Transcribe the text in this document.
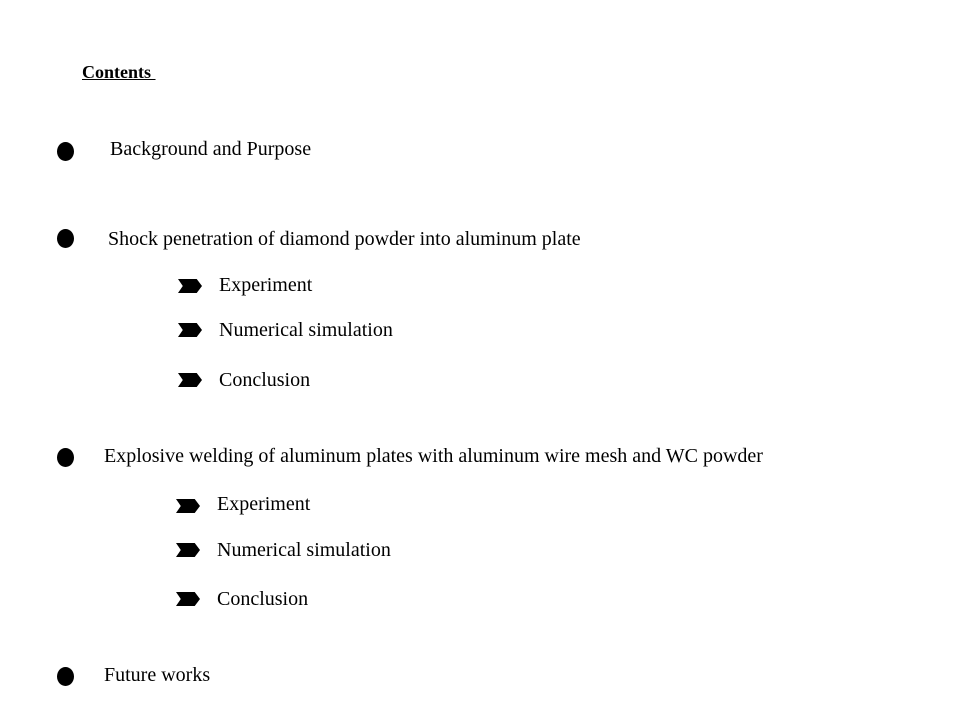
Contents
Background and Purpose
Shock penetration of diamond powder into aluminum plate
Experiment
Numerical simulation
Conclusion
Explosive welding of aluminum plates with aluminum wire mesh and WC powder
Experiment
Numerical simulation
Conclusion
Future works
